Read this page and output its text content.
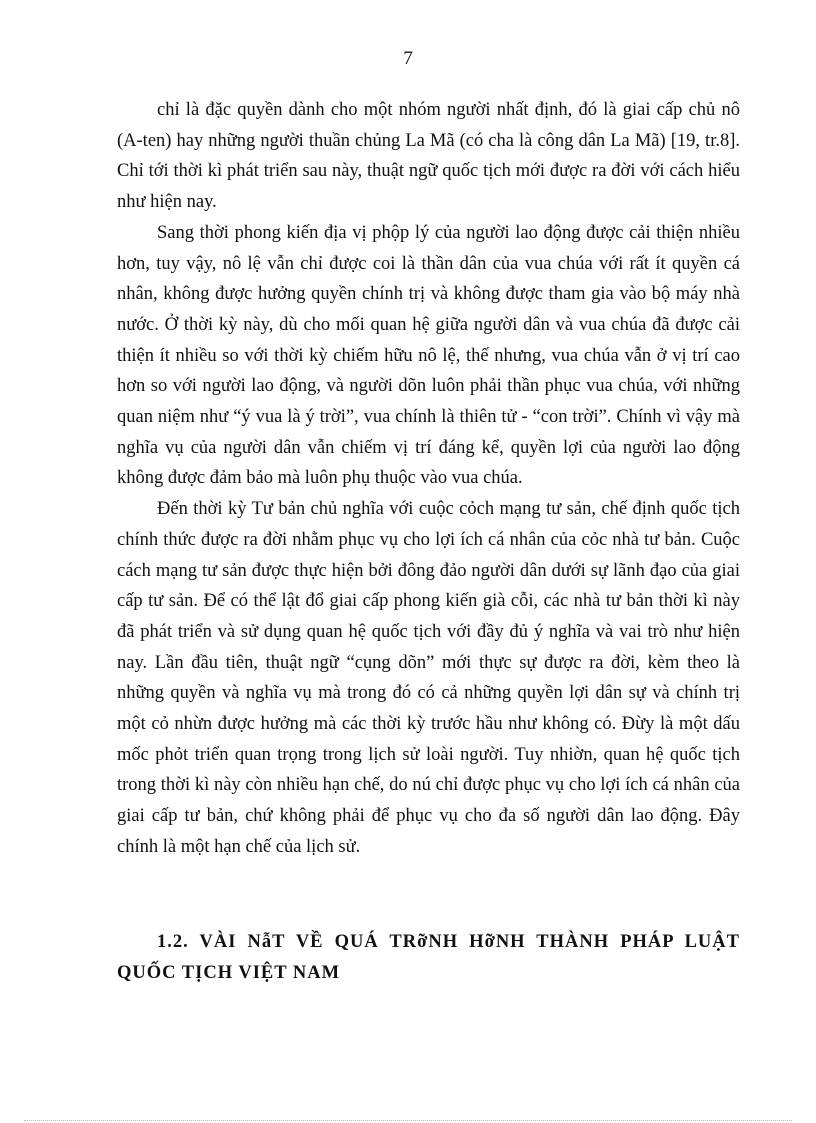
7

chỉ là đặc quyền dành cho một nhóm người nhất định, đó là giai cấp chủ nô (A-ten) hay những người thuần chủng La Mã (có cha là công dân La Mã) [19, tr.8]. Chỉ tới thời kì phát triển sau này, thuật ngữ quốc tịch mới được ra đời với cách hiểu như hiện nay.

Sang thời phong kiến địa vị phộp lý của người lao động được cải thiện nhiều hơn, tuy vậy, nô lệ vẫn chỉ được coi là thần dân của vua chúa với rất ít quyền cá nhân, không được hưởng quyền chính trị và không được tham gia vào bộ máy nhà nước. Ở thời kỳ này, dù cho mối quan hệ giữa người dân và vua chúa đã được cải thiện ít nhiều so với thời kỳ chiếm hữu nô lệ, thế nhưng, vua chúa vẫn ở vị trí cao hơn so với người lao động, và người dõn luôn phải thần phục vua chúa, với những quan niệm như “ý vua là ý trời”, vua chính là thiên tử - “con trời”. Chính vì vậy mà nghĩa vụ của người dân vẫn chiếm vị trí đáng kể, quyền lợi của người lao động không được đảm bảo mà luôn phụ thuộc vào vua chúa.

Đến thời kỳ Tư bản chủ nghĩa với cuộc cỏch mạng tư sản, chế định quốc tịch chính thức được ra đời nhằm phục vụ cho lợi ích cá nhân của cỏc nhà tư bản. Cuộc cách mạng tư sản được thực hiện bởi đông đảo người dân dưới sự lãnh đạo của giai cấp tư sản. Để có thể lật đổ giai cấp phong kiến già cỗi, các nhà tư bản thời kì này đã phát triển và sử dụng quan hệ quốc tịch với đầy đủ ý nghĩa và vai trò như hiện nay. Lần đầu tiên, thuật ngữ “cụng dõn” mới thực sự được ra đời, kèm theo là những quyền và nghĩa vụ mà trong đó có cả những quyền lợi dân sự và chính trị một cỏ nhừn được hưởng mà các thời kỳ trước hầu như không có. Đừy là một dấu mốc phỏt triển quan trọng trong lịch sử loài người. Tuy nhiờn, quan hệ quốc tịch trong thời kì này còn nhiều hạn chế, do nú chỉ được phục vụ cho lợi ích cá nhân của giai cấp tư bản, chứ không phải để phục vụ cho đa số người dân lao động. Đây chính là một hạn chế của lịch sử.

1.2. VÀI NẫT VỀ QUÁ TRỡNH HỡNH THÀNH PHÁP LUẬT QUỐC TỊCH VIỆT NAM
